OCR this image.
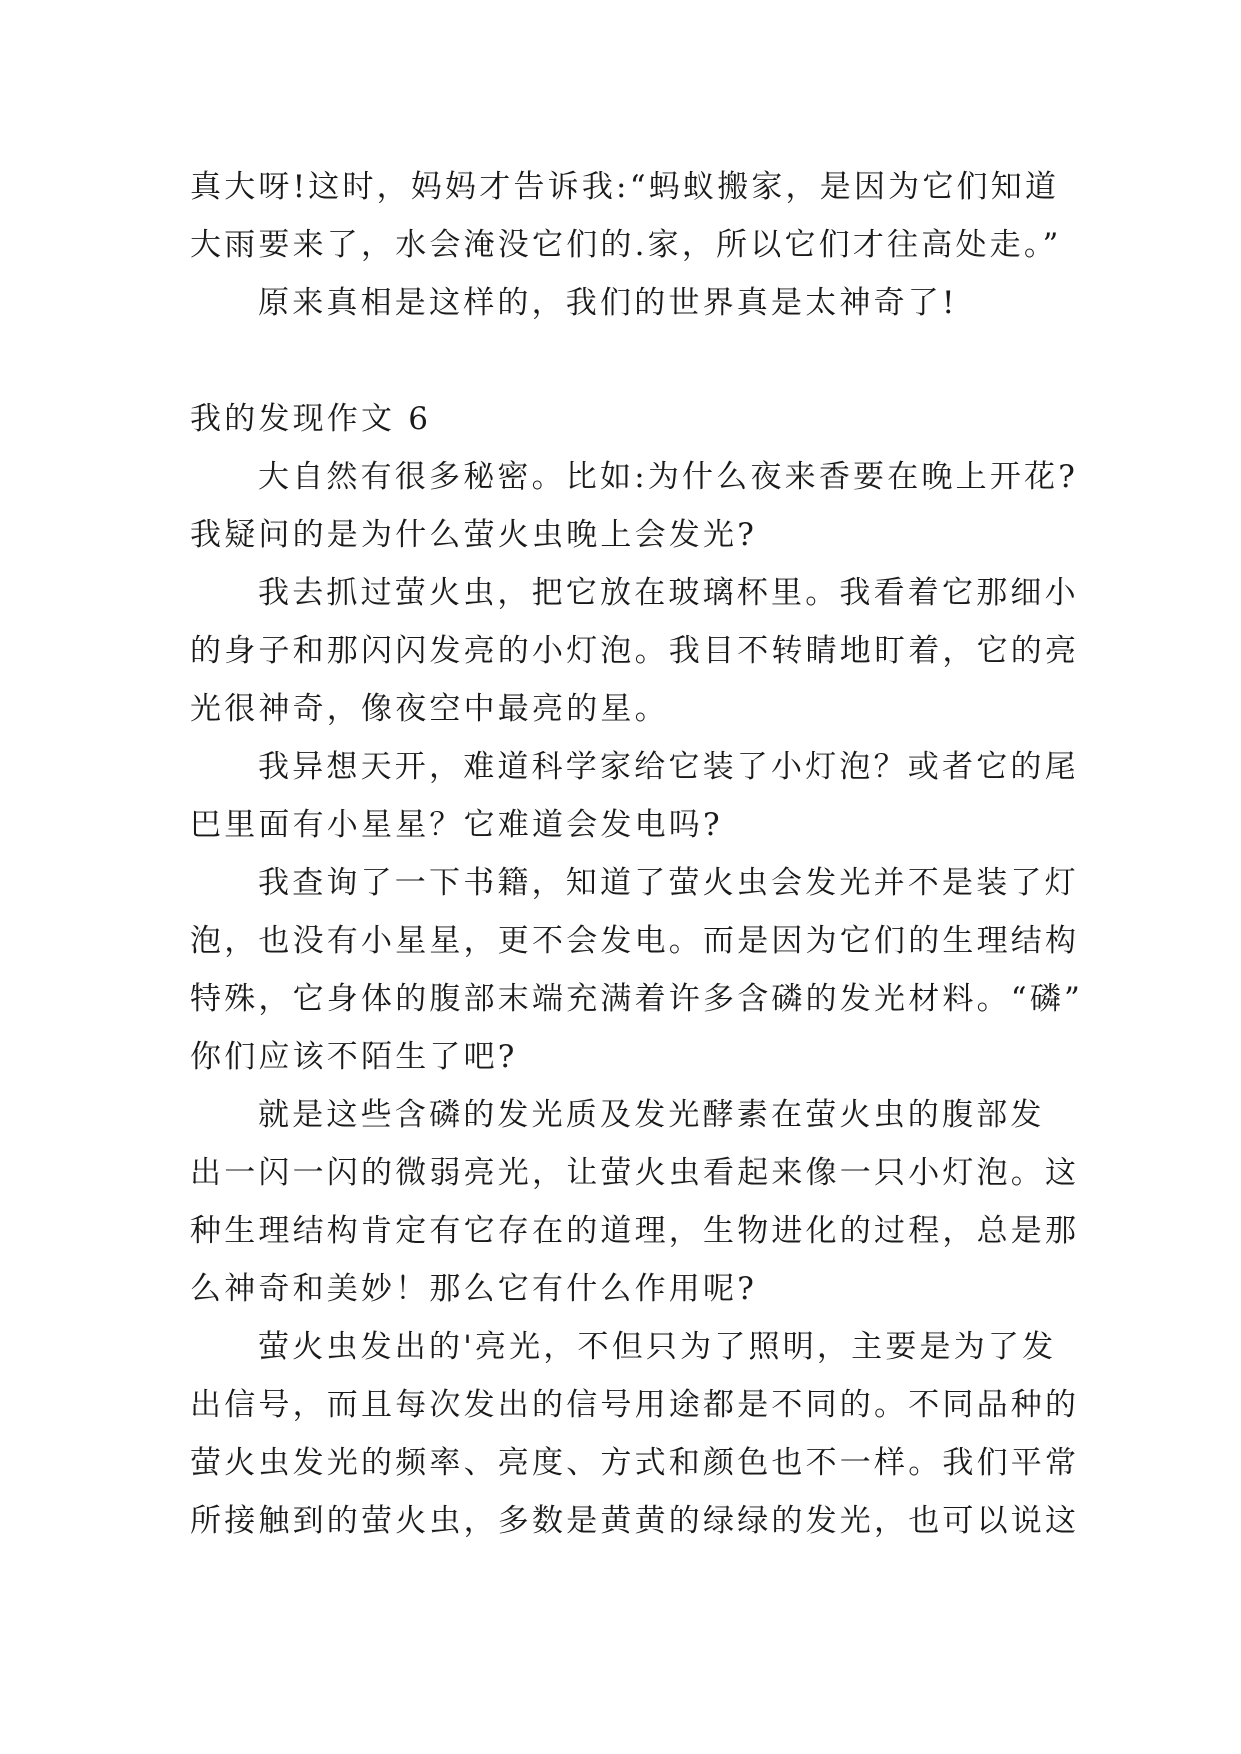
真大呀!这时，妈妈才告诉我:“蚂蚁搬家，是因为它们知道
大雨要来了，水会淹没它们的.家，所以它们才往高处走。”
原来真相是这样的，我们的世界真是太神奇了!
我的发现作文 6
大自然有很多秘密。比如:为什么夜来香要在晚上开花?
我疑问的是为什么萤火虫晚上会发光?
我去抓过萤火虫，把它放在玻璃杯里。我看着它那细小
的身子和那闪闪发亮的小灯泡。我目不转睛地盯着，它的亮
光很神奇，像夜空中最亮的星。
我异想天开，难道科学家给它装了小灯泡？或者它的尾
巴里面有小星星？它难道会发电吗?
我查询了一下书籍，知道了萤火虫会发光并不是装了灯
泡，也没有小星星，更不会发电。而是因为它们的生理结构
特殊，它身体的腹部末端充满着许多含磷的发光材料。“磷”
你们应该不陌生了吧?
就是这些含磷的发光质及发光酵素在萤火虫的腹部发
出一闪一闪的微弱亮光，让萤火虫看起来像一只小灯泡。这
种生理结构肯定有它存在的道理，生物进化的过程，总是那
么神奇和美妙！那么它有什么作用呢?
萤火虫发出的'亮光，不但只为了照明，主要是为了发
出信号，而且每次发出的信号用途都是不同的。不同品种的
萤火虫发光的频率、亮度、方式和颜色也不一样。我们平常
所接触到的萤火虫，多数是黄黄的绿绿的发光，也可以说这
